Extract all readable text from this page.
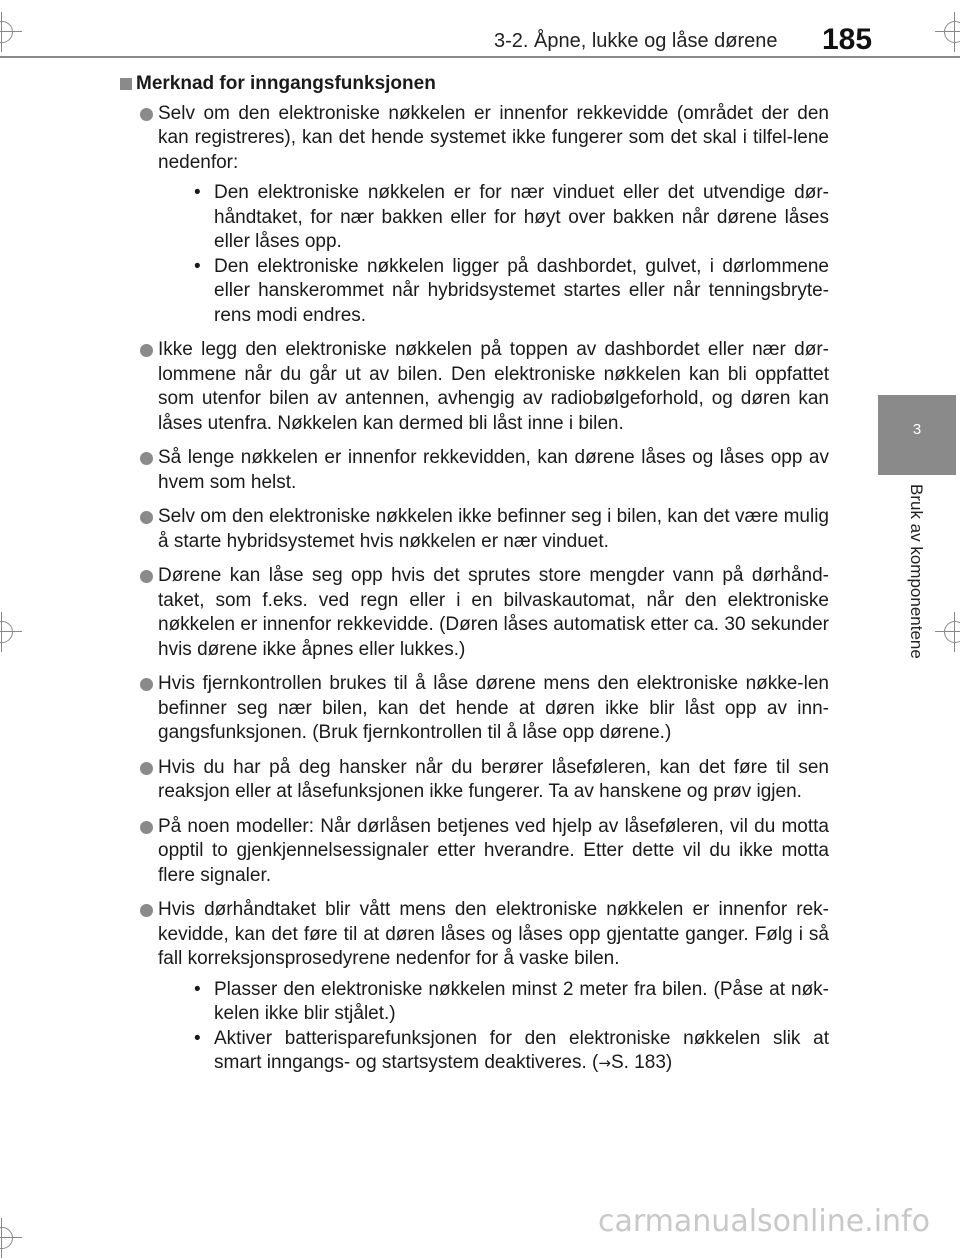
3-2. Åpne, lukke og låse dørene 185
3
Bruk av komponentene
Merknad for inngangsfunksjonen
Selv om den elektroniske nøkkelen er innenfor rekkevidde (området der den kan registreres), kan det hende systemet ikke fungerer som det skal i tilfel-lene nedenfor:
• Den elektroniske nøkkelen er for nær vinduet eller det utvendige dør-håndtaket, for nær bakken eller for høyt over bakken når dørene låses eller låses opp.
• Den elektroniske nøkkelen ligger på dashbordet, gulvet, i dørlommene eller hanskerommet når hybridsystemet startes eller når tenningsbryte-rens modi endres.
Ikke legg den elektroniske nøkkelen på toppen av dashbordet eller nær dør-lommene når du går ut av bilen. Den elektroniske nøkkelen kan bli oppfattet som utenfor bilen av antennen, avhengig av radiobølgeforhold, og døren kan låses utenfra. Nøkkelen kan dermed bli låst inne i bilen.
Så lenge nøkkelen er innenfor rekkevidden, kan dørene låses og låses opp av hvem som helst.
Selv om den elektroniske nøkkelen ikke befinner seg i bilen, kan det være mulig å starte hybridsystemet hvis nøkkelen er nær vinduet.
Dørene kan låse seg opp hvis det sprutes store mengder vann på dørhånd-taket, som f.eks. ved regn eller i en bilvaskautomat, når den elektroniske nøkkelen er innenfor rekkevidde. (Døren låses automatisk etter ca. 30 sekunder hvis dørene ikke åpnes eller lukkes.)
Hvis fjernkontrollen brukes til å låse dørene mens den elektroniske nøkke-len befinner seg nær bilen, kan det hende at døren ikke blir låst opp av inn-gangsfunksjonen. (Bruk fjernkontrollen til å låse opp dørene.)
Hvis du har på deg hansker når du berører låseføleren, kan det føre til sen reaksjon eller at låsefunksjonen ikke fungerer. Ta av hanskene og prøv igjen.
På noen modeller: Når dørlåsen betjenes ved hjelp av låseføleren, vil du motta opptil to gjenkjennelsessignaler etter hverandre. Etter dette vil du ikke motta flere signaler.
Hvis dørhåndtaket blir vått mens den elektroniske nøkkelen er innenfor rek-kevidde, kan det føre til at døren låses og låses opp gjentatte ganger. Følg i så fall korreksjonsprosedyrene nedenfor for å vaske bilen.
• Plasser den elektroniske nøkkelen minst 2 meter fra bilen. (Påse at nøk-kelen ikke blir stjålet.)
• Aktiver batterisparefunksjonen for den elektroniske nøkkelen slik at smart inngangs- og startsystem deaktiveres. (→S. 183)
carmanualsonline.info
